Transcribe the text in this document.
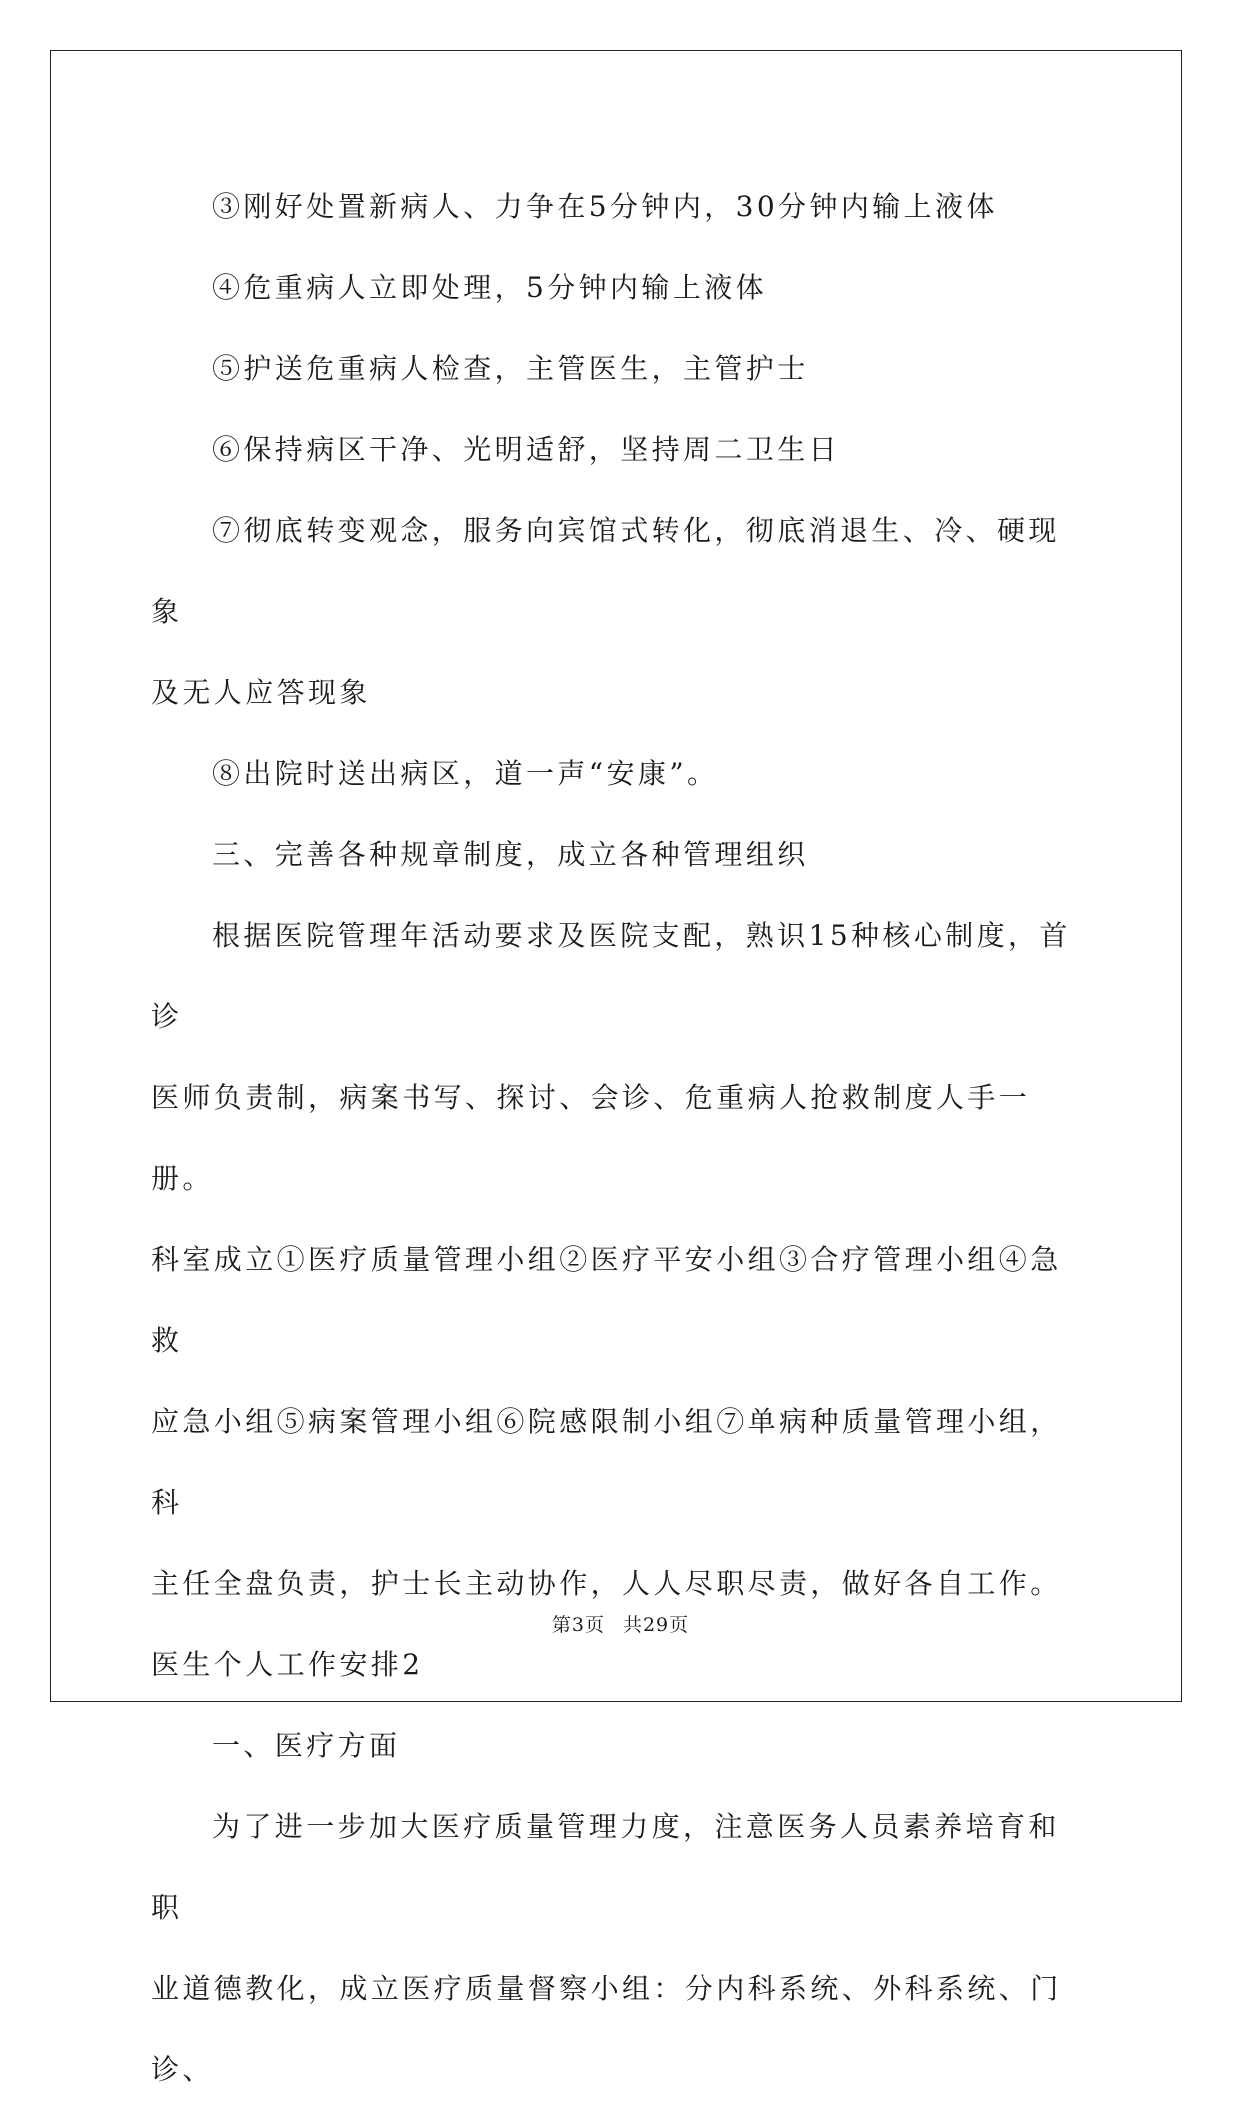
③刚好处置新病人、力争在5分钟内，30分钟内输上液体

④危重病人立即处理，5分钟内输上液体

⑤护送危重病人检查，主管医生，主管护士

⑥保持病区干净、光明适舒，坚持周二卫生日

⑦彻底转变观念，服务向宾馆式转化，彻底消退生、冷、硬现象

及无人应答现象

⑧出院时送出病区，道一声“安康”。

三、完善各种规章制度，成立各种管理组织

根据医院管理年活动要求及医院支配，熟识15种核心制度，首诊

医师负责制，病案书写、探讨、会诊、危重病人抢救制度人手一册。

科室成立①医疗质量管理小组②医疗平安小组③合疗管理小组④急救

应急小组⑤病案管理小组⑥院感限制小组⑦单病种质量管理小组，科

主任全盘负责，护士长主动协作，人人尽职尽责，做好各自工作。

医生个人工作安排2

一、医疗方面

为了进一步加大医疗质量管理力度，注意医务人员素养培育和职

业道德教化，成立医疗质量督察小组：分内科系统、外科系统、门诊、

第3页 共29页
